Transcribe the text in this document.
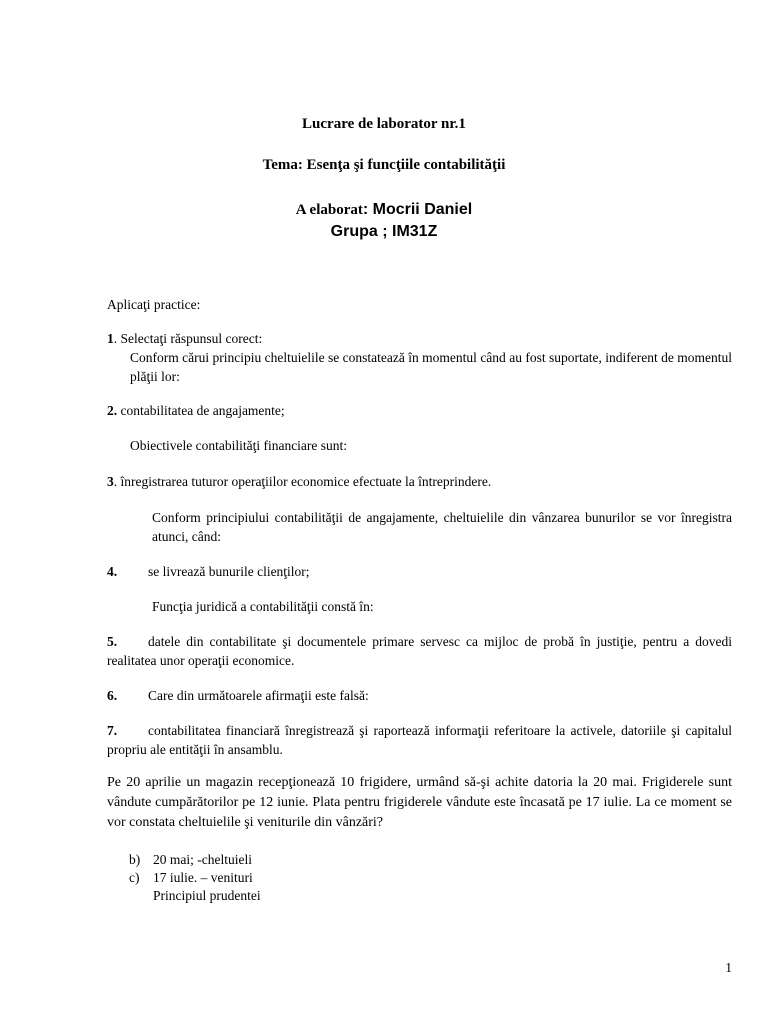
Lucrare de laborator nr.1
Tema: Esenţa şi funcţiile contabilităţii
A elaborat: Mocrii Daniel
Grupa ; IM31Z
Aplicaţi practice:
1. Selectaţi răspunsul corect:
Conform cărui principiu cheltuielile se constatează în momentul când au fost suportate, indiferent de momentul plăţii lor:
2. contabilitatea de angajamente;
Obiectivele contabilităţi financiare sunt:
3. înregistrarea tuturor operaţiilor economice efectuate la întreprindere.
Conform principiului contabilităţii de angajamente, cheltuielile din vânzarea bunurilor se vor înregistra atunci, când:
4. se livrează bunurile clienţilor;
Funcţia juridică a contabilităţii constă în:
5. datele din contabilitate şi documentele primare servesc ca mijloc de probă în justiţie, pentru a dovedi realitatea unor operaţii economice.
6. Care din următoarele afirmaţii este falsă:
7. contabilitatea financiară înregistrează şi raportează informaţii referitoare la activele, datoriile şi capitalul propriu ale entităţii în ansamblu.
Pe 20 aprilie un magazin recepţionează 10 frigidere, urmând să-şi achite datoria la 20 mai. Frigiderele sunt vândute cumpărătorilor pe 12 iunie. Plata pentru frigiderele vândute este încasată pe 17 iulie. La ce moment se vor constata cheltuielile şi veniturile din vânzări?
b) 20 mai; -cheltuieli
c) 17 iulie. – venituri
Principiul prudentei
1
